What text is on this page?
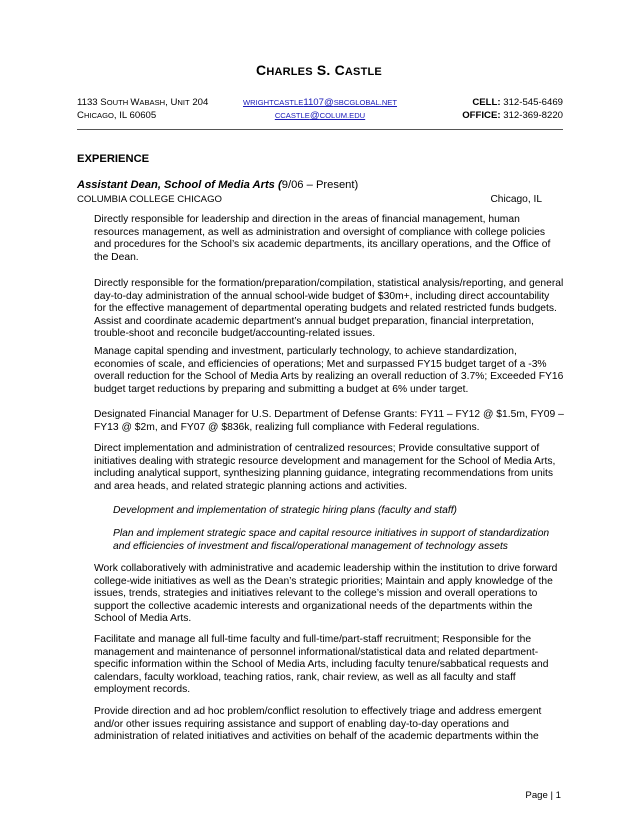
CHARLES S. CASTLE
1133 SOUTH WABASH, UNIT 204	WRIGHTCASTLE1107@SBCGLOBAL.NET	CELL: 312-545-6469
CHICAGO, IL 60605	CCASTLE@COLUM.EDU	OFFICE: 312-369-8220
EXPERIENCE
Assistant Dean, School of Media Arts (9/06 – Present)
COLUMBIA COLLEGE CHICAGO	Chicago, IL

Directly responsible for leadership and direction in the areas of financial management, human resources management, as well as administration and oversight of compliance with college policies and procedures for the School’s six academic departments, its ancillary operations, and the Office of the Dean.

Directly responsible for the formation/preparation/compilation, statistical analysis/reporting, and general day-to-day administration of the annual school-wide budget of $30m+, including direct accountability for the effective management of departmental operating budgets and related restricted funds budgets. Assist and coordinate academic department’s annual budget preparation, financial interpretation, trouble-shoot and reconcile budget/accounting-related issues.

Manage capital spending and investment, particularly technology, to achieve standardization, economies of scale, and efficiencies of operations; Met and surpassed FY15 budget target of a -3% overall reduction for the School of Media Arts by realizing an overall reduction of 3.7%; Exceeded FY16 budget target reductions by preparing and submitting a budget at 6% under target.

Designated Financial Manager for U.S. Department of Defense Grants: FY11 – FY12 @ $1.5m, FY09 – FY13 @ $2m, and FY07 @ $836k, realizing full compliance with Federal regulations.

Direct implementation and administration of centralized resources; Provide consultative support of initiatives dealing with strategic resource development and management for the School of Media Arts, including analytical support, synthesizing planning guidance, integrating recommendations from units and area heads, and related strategic planning actions and activities.

Development and implementation of strategic hiring plans (faculty and staff)
Plan and implement strategic space and capital resource initiatives in support of standardization and efficiencies of investment and fiscal/operational management of technology assets

Work collaboratively with administrative and academic leadership within the institution to drive forward college-wide initiatives as well as the Dean’s strategic priorities; Maintain and apply knowledge of the issues, trends, strategies and initiatives relevant to the college’s mission and overall operations to support the collective academic interests and organizational needs of the departments within the School of Media Arts.

Facilitate and manage all full-time faculty and full-time/part-staff recruitment; Responsible for the management and maintenance of personnel informational/statistical data and related department-specific information within the School of Media Arts, including faculty tenure/sabbatical requests and calendars, faculty workload, teaching ratios, rank, chair review, as well as all faculty and staff employment records.

Provide direction and ad hoc problem/conflict resolution to effectively triage and address emergent and/or other issues requiring assistance and support of enabling day-to-day operations and administration of related initiatives and activities on behalf of the academic departments within the

Page | 1
